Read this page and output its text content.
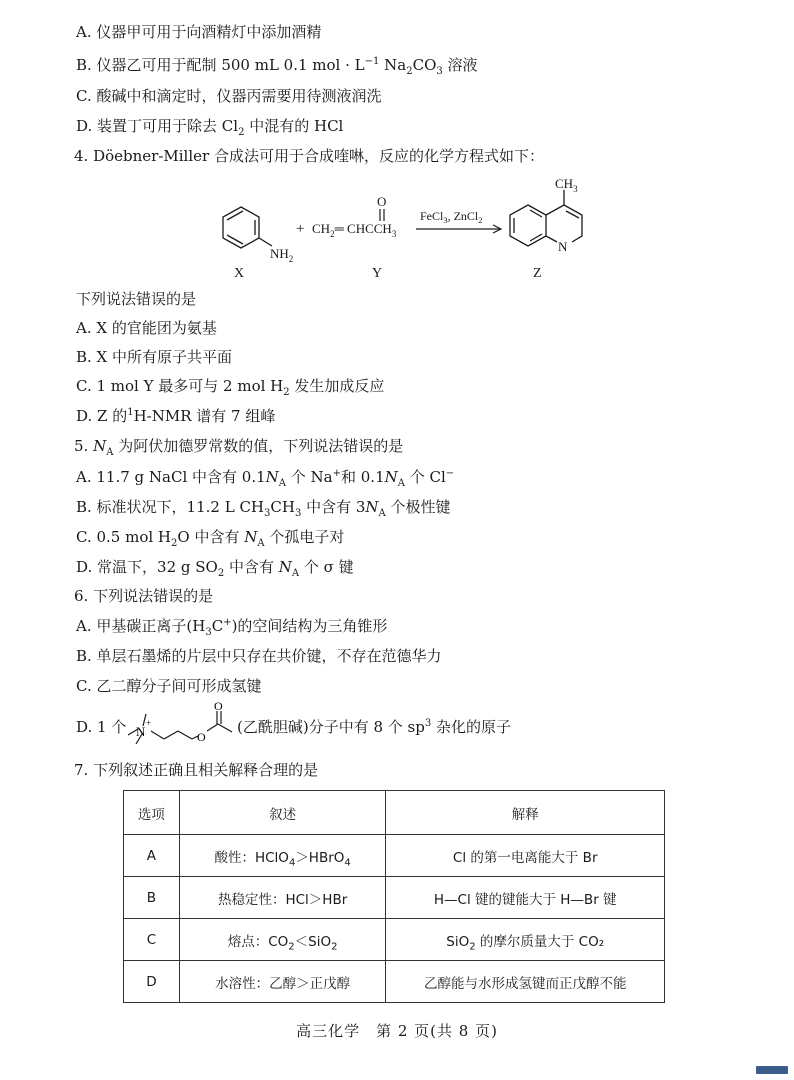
A. 仪器甲可用于向酒精灯中添加酒精
B. 仪器乙可用于配制 500 mL 0.1 mol · $L^{-1}$ $Na_2CO_3$ 溶液
C. 酸碱中和滴定时，仪器丙需要用待测液润洗
D. 装置丁可用于除去 $Cl_2$ 中混有的 HCl
4. Döebner-Miller 合成法可用于合成喹啉，反应的化学方程式如下：
$NH_2$
X
+ $CH_2═$ $CHCCH_3$
O
Y
FeCl$_3$, ZnCl$_2$
N
$CH_3$
Z
下列说法错误的是
A. X 的官能团为氨基
B. X 中所有原子共平面
C. 1 mol Y 最多可与 2 mol $H_2$ 发生加成反应
D. Z 的$^1$H-NMR 谱有 7 组峰
5. $N_A$ 为阿伏加德罗常数的值，下列说法错误的是
A. 11.7 g NaCl 中含有 $0.1N_A$ 个 Na+和 $0.1N_A$ 个 Cl−
B. 标准状况下，11.2 L $CH_3CH_3$ 中含有 $3N_A$ 个极性键
C. 0.5 mol $H_2O$ 中含有 $N_A$ 个孤电子对
D. 常温下，32 g $SO_2$ 中含有 $N_A$ 个 σ 键
6. 下列说法错误的是
A. 甲基碳正离子$(H_3C^+)$的空间结构为三角锥形
B. 单层石墨烯的片层中只存在共价键，不存在范德华力
C. 乙二醇分子间可形成氢键
D. 1 个 N
+
O
O
(乙酰胆碱)分子中有 8 个 $sp^3$ 杂化的原子
7. 下列叙述正确且相关解释合理的是
选项	叙述	解释
A	酸性：HClO$_4$＞HBrO$_4$	Cl 的第一电离能大于 Br
B	热稳定性：HCl＞HBr	H—Cl 键的键能大于 H—Br 键
C	熔点：$CO_2<SiO_2$	SiO$_2$ 的摩尔质量大于 CO₂
D	水溶性：乙醇＞正戊醇	乙醇能与水形成氢键而正戊醇不能
高三化学　第 2 页(共 8 页)
